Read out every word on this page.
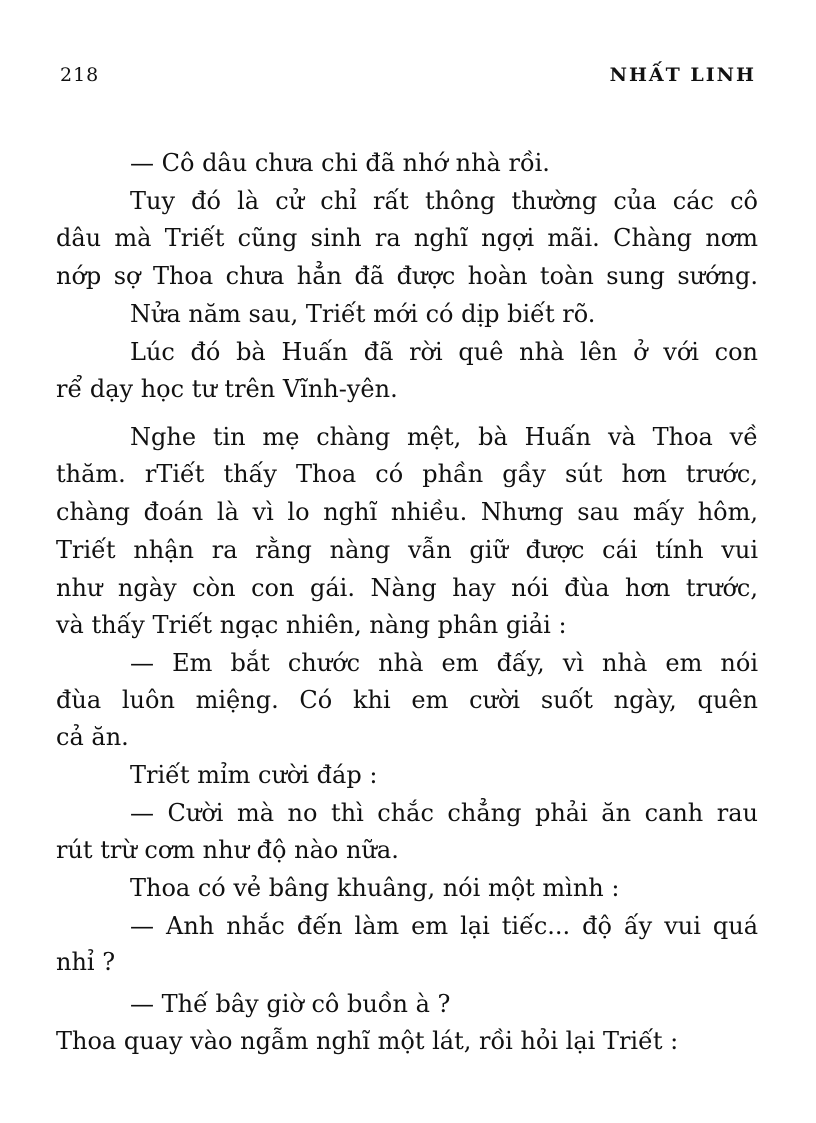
218	NHẤT LINH
— Cô dâu chưa chi đã nhớ nhà rồi.
Tuy đó là cử chỉ rất thông thường của các cô
dâu mà Triết cũng sinh ra nghĩ ngợi mãi. Chàng nơm
nớp sợ Thoa chưa hẳn đã được hoàn toàn sung sướng.
Nửa năm sau, Triết mới có dịp biết rõ.
Lúc đó bà Huấn đã rời quê nhà lên ở với con
rể dạy học tư trên Vĩnh-yên.
Nghe tin mẹ chàng mệt, bà Huấn và Thoa về
thăm. rTiết thấy Thoa có phần gầy sút hơn trước,
chàng đoán là vì lo nghĩ nhiều. Nhưng sau mấy hôm,
Triết nhận ra rằng nàng vẫn giữ được cái tính vui
như ngày còn con gái. Nàng hay nói đùa hơn trước,
và thấy Triết ngạc nhiên, nàng phân giải :
— Em bắt chước nhà em đấy, vì nhà em nói
đùa luôn miệng. Có khi em cười suốt ngày, quên
cả ăn.
Triết mỉm cười đáp :
— Cười mà no thì chắc chẳng phải ăn canh rau
rút trừ cơm như độ nào nữa.
Thoa có vẻ bâng khuâng, nói một mình :
— Anh nhắc đến làm em lại tiếc... độ ấy vui quá
nhỉ ?
— Thế bây giờ cô buồn à ?
Thoa quay vào ngẫm nghĩ một lát, rồi hỏi lại Triết :
